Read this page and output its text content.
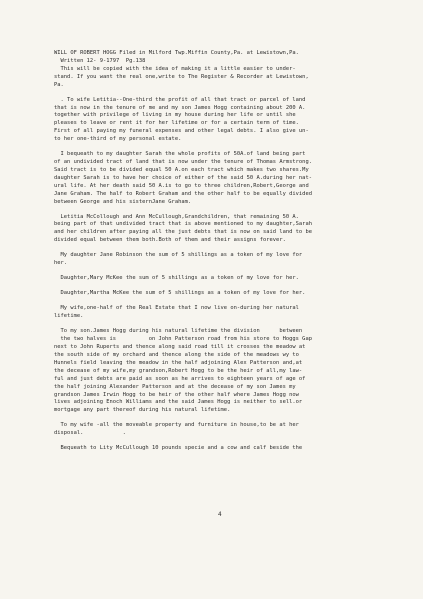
WILL OF ROBERT HOGG Filed in Milford Twp.Miffin County,Pa. at Lewistown,Pa.
Written 12- 9-1797  Pg.138
This will be copied with the idea of making it a little easier to under-
stand. If you want the real one,write to The Register & Recorder at Lewistown,
Pa.
. To wife Letitia--One-third the profit of all that tract or parcel of land
that is now in the tenure of me and my son James Hogg containing about 200 A.
together with privilege of living in my house during her life or until she
pleases to leave or rent it for her lifetime or for a certain term of time.
First of all paying my funeral expenses and other legal debts. I also give un-
to her one-third of my personal estate.
I bequeath to my daughter Sarah the whole profits of 50A.of land being part
of an undivided tract of land that is now under the tenure of Thomas Armstrong.
Said tract is to be divided equal 50 A.on each tract which makes two shares.My
daughter Sarah is to have her choice of either of the said 50 A.during her nat-
ural life. At her death said 50 A.is to go to three children,Robert,George and
Jane Graham. The half to Robert Graham and the other half to be equally divided
between George and his sisternJane Graham.
Letitia McCollough and Ann McCullough,Grandchildren, that remaining 50 A.
being part of that undivided tract that is above mentioned to my daughter,Sarah
and her children after paying all the just debts that is now on said land to be
divided equal between them both.Both of them and their assigns forever.
My daughter Jane Robinson the sum of 5 shillings as a token of my love for
her.
Daughter,Mary McKee the sum of 5 shillings as a token of my love for her.
Daughter,Martha McKee the sum of 5 shillings as a token of my love for her.
My wife,one-half of the Real Estate that I now live on-during her natural
lifetime.
To my son.James Hogg during his natural lifetime the division      between
the two halves is          on John Patterson road from his store to Hoggs Gap
next to John Ruperts and thence along said road till it crosses the meadow at
the south side of my orchard and thence along the side of the meadows wy to
Hunnels field leaving the meadow in the half adjoining Alex Patterson and,at
the decease of my wife,my grandson,Robert Hogg to be the heir of all,my law-
ful and just debts are paid as soon as he arrives to eighteen years of age of
the half joining Alexander Patterson and at the decease of my son James my
grandson James Irwin Hogg to be heir of the other half where James Hogg now
lives adjoining Enoch Williams and the said James Hogg is neither to sell.or
mortgage any part thereof during his natural lifetime.
To my wife -all the moveable property and furniture in house,to be at her
disposal.            .
Bequeath to Lity McCullough 10 pounds specie and a cow and calf beside the
4
